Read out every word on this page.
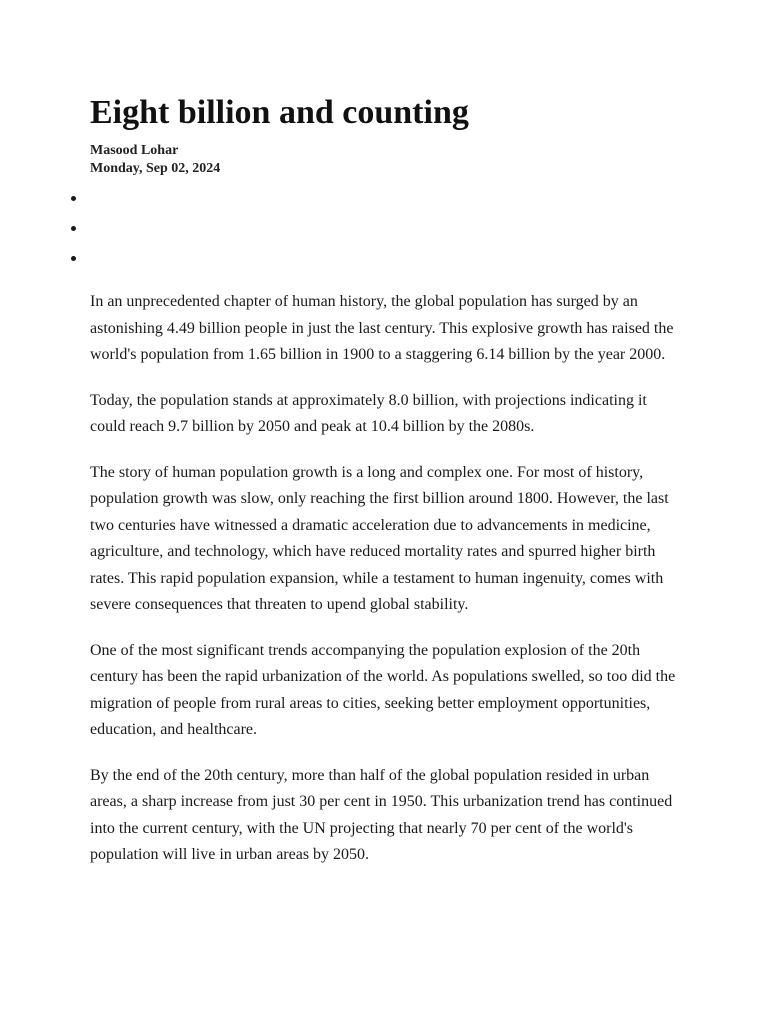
Eight billion and counting
Masood Lohar
Monday, Sep 02, 2024

In an unprecedented chapter of human history, the global population has surged by an astonishing 4.49 billion people in just the last century. This explosive growth has raised the world's population from 1.65 billion in 1900 to a staggering 6.14 billion by the year 2000.

Today, the population stands at approximately 8.0 billion, with projections indicating it could reach 9.7 billion by 2050 and peak at 10.4 billion by the 2080s.

The story of human population growth is a long and complex one. For most of history, population growth was slow, only reaching the first billion around 1800. However, the last two centuries have witnessed a dramatic acceleration due to advancements in medicine, agriculture, and technology, which have reduced mortality rates and spurred higher birth rates. This rapid population expansion, while a testament to human ingenuity, comes with severe consequences that threaten to upend global stability.

One of the most significant trends accompanying the population explosion of the 20th century has been the rapid urbanization of the world. As populations swelled, so too did the migration of people from rural areas to cities, seeking better employment opportunities, education, and healthcare.

By the end of the 20th century, more than half of the global population resided in urban areas, a sharp increase from just 30 per cent in 1950. This urbanization trend has continued into the current century, with the UN projecting that nearly 70 per cent of the world's population will live in urban areas by 2050.
